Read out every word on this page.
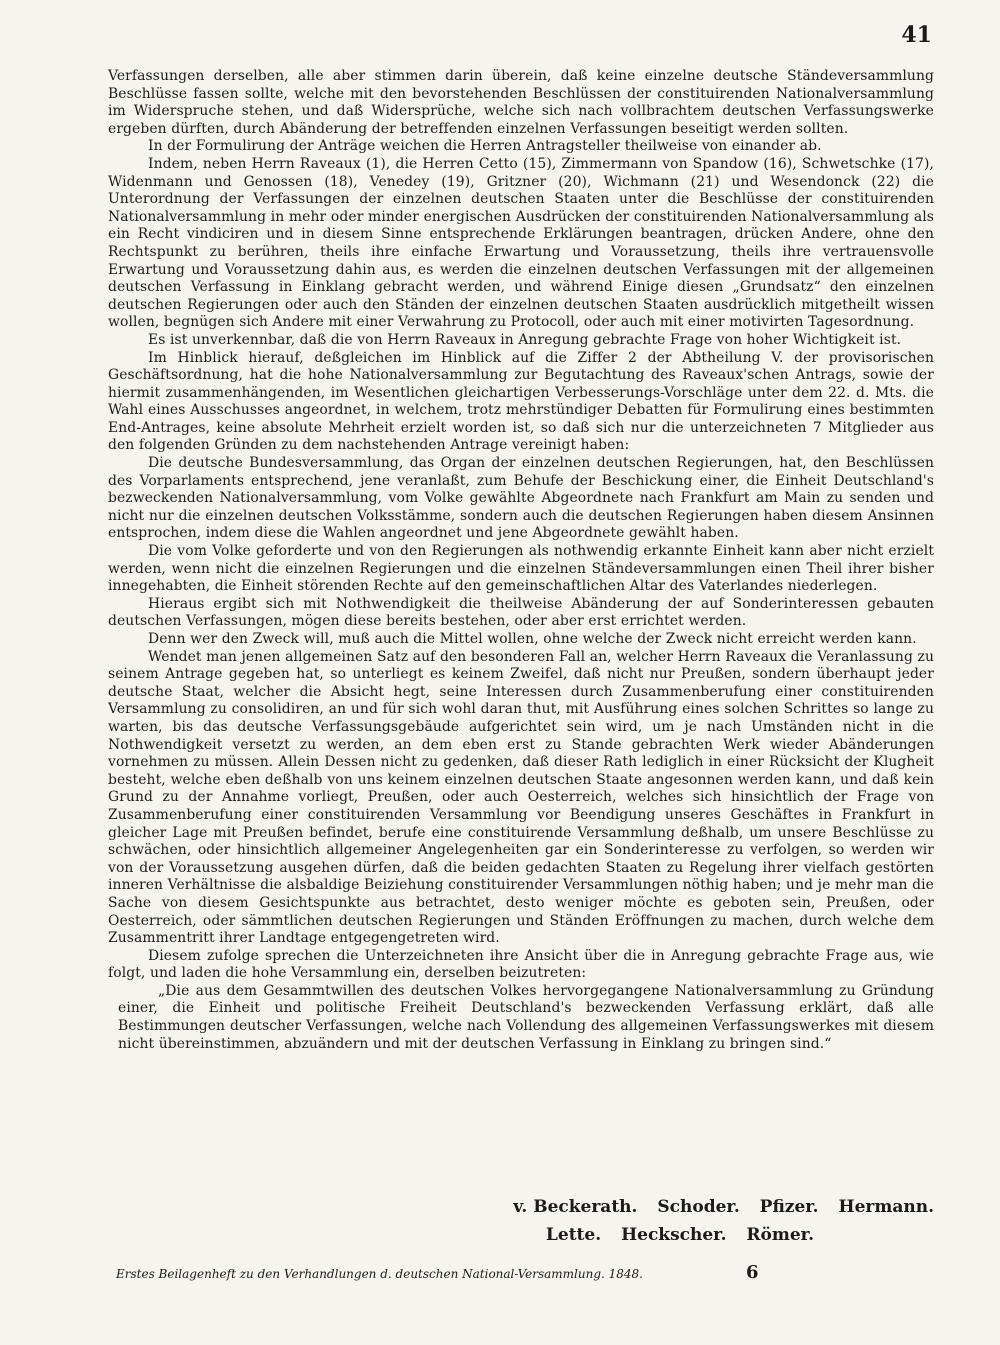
41

Verfassungen derselben, alle aber stimmen darin überein, daß keine einzelne deutsche Ständeversammlung Beschlüsse fassen sollte, welche mit den bevorstehenden Beschlüssen der constituirenden Nationalversammlung im Widerspruche stehen, und daß Widersprüche, welche sich nach vollbrachtem deutschen Verfassungswerke ergeben dürften, durch Abänderung der betreffenden einzelnen Verfassungen beseitigt werden sollten.

In der Formulirung der Anträge weichen die Herren Antragsteller theilweise von einander ab.

Indem, neben Herrn Raveaux (1), die Herren Cetto (15), Zimmermann von Spandow (16), Schwetschke (17), Widenmann und Genossen (18), Venedey (19), Gritzner (20), Wichmann (21) und Wesendonck (22) die Unterordnung der Verfassungen der einzelnen deutschen Staaten unter die Beschlüsse der constituirenden Nationalversammlung in mehr oder minder energischen Ausdrücken der constituirenden Nationalversammlung als ein Recht vindiciren und in diesem Sinne entsprechende Erklärungen beantragen, drücken Andere, ohne den Rechtspunkt zu berühren, theils ihre einfache Erwartung und Voraussetzung, theils ihre vertrauensvolle Erwartung und Voraussetzung dahin aus, es werden die einzelnen deutschen Verfassungen mit der allgemeinen deutschen Verfassung in Einklang gebracht werden, und während Einige diesen „Grundsatz“ den einzelnen deutschen Regierungen oder auch den Ständen der einzelnen deutschen Staaten ausdrücklich mitgetheilt wissen wollen, begnügen sich Andere mit einer Verwahrung zu Protocoll, oder auch mit einer motivirten Tagesordnung.

Es ist unverkennbar, daß die von Herrn Raveaux in Anregung gebrachte Frage von hoher Wichtigkeit ist.

Im Hinblick hierauf, deßgleichen im Hinblick auf die Ziffer 2 der Abtheilung V. der provisorischen Geschäftsordnung, hat die hohe Nationalversammlung zur Begutachtung des Raveaux'schen Antrags, sowie der hiermit zusammenhängenden, im Wesentlichen gleichartigen Verbesserungs-Vorschläge unter dem 22. d. Mts. die Wahl eines Ausschusses angeordnet, in welchem, trotz mehrstündiger Debatten für Formulirung eines bestimmten End-Antrages, keine absolute Mehrheit erzielt worden ist, so daß sich nur die unterzeichneten 7 Mitglieder aus den folgenden Gründen zu dem nachstehenden Antrage vereinigt haben:

Die deutsche Bundesversammlung, das Organ der einzelnen deutschen Regierungen, hat, den Beschlüssen des Vorparlaments entsprechend, jene veranlaßt, zum Behufe der Beschickung einer, die Einheit Deutschland's bezweckenden Nationalversammlung, vom Volke gewählte Abgeordnete nach Frankfurt am Main zu senden und nicht nur die einzelnen deutschen Volksstämme, sondern auch die deutschen Regierungen haben diesem Ansinnen entsprochen, indem diese die Wahlen angeordnet und jene Abgeordnete gewählt haben.

Die vom Volke geforderte und von den Regierungen als nothwendig erkannte Einheit kann aber nicht erzielt werden, wenn nicht die einzelnen Regierungen und die einzelnen Ständeversammlungen einen Theil ihrer bisher innegehabten, die Einheit störenden Rechte auf den gemeinschaftlichen Altar des Vaterlandes niederlegen.

Hieraus ergibt sich mit Nothwendigkeit die theilweise Abänderung der auf Sonderinteressen gebauten deutschen Verfassungen, mögen diese bereits bestehen, oder aber erst errichtet werden.

Denn wer den Zweck will, muß auch die Mittel wollen, ohne welche der Zweck nicht erreicht werden kann.

Wendet man jenen allgemeinen Satz auf den besonderen Fall an, welcher Herrn Raveaux die Veranlassung zu seinem Antrage gegeben hat, so unterliegt es keinem Zweifel, daß nicht nur Preußen, sondern überhaupt jeder deutsche Staat, welcher die Absicht hegt, seine Interessen durch Zusammenberufung einer constituirenden Versammlung zu consolidiren, an und für sich wohl daran thut, mit Ausführung eines solchen Schrittes so lange zu warten, bis das deutsche Verfassungsgebäude aufgerichtet sein wird, um je nach Umständen nicht in die Nothwendigkeit versetzt zu werden, an dem eben erst zu Stande gebrachten Werk wieder Abänderungen vornehmen zu müssen. Allein Dessen nicht zu gedenken, daß dieser Rath lediglich in einer Rücksicht der Klugheit besteht, welche eben deßhalb von uns keinem einzelnen deutschen Staate angesonnen werden kann, und daß kein Grund zu der Annahme vorliegt, Preußen, oder auch Oesterreich, welches sich hinsichtlich der Frage von Zusammenberufung einer constituirenden Versammlung vor Beendigung unseres Geschäftes in Frankfurt in gleicher Lage mit Preußen befindet, berufe eine constituirende Versammlung deßhalb, um unsere Beschlüsse zu schwächen, oder hinsichtlich allgemeiner Angelegenheiten gar ein Sonderinteresse zu verfolgen, so werden wir von der Voraussetzung ausgehen dürfen, daß die beiden gedachten Staaten zu Regelung ihrer vielfach gestörten inneren Verhältnisse die alsbaldige Beiziehung constituirender Versammlungen nöthig haben; und je mehr man die Sache von diesem Gesichtspunkte aus betrachtet, desto weniger möchte es geboten sein, Preußen, oder Oesterreich, oder sämmtlichen deutschen Regierungen und Ständen Eröffnungen zu machen, durch welche dem Zusammentritt ihrer Landtage entgegengetreten wird.

Diesem zufolge sprechen die Unterzeichneten ihre Ansicht über die in Anregung gebrachte Frage aus, wie folgt, und laden die hohe Versammlung ein, derselben beizutreten:

„Die aus dem Gesammtwillen des deutschen Volkes hervorgegangene Nationalversammlung zu Gründung einer, die Einheit und politische Freiheit Deutschland's bezweckenden Verfassung erklärt, daß alle Bestimmungen deutscher Verfassungen, welche nach Vollendung des allgemeinen Verfassungswerkes mit diesem nicht übereinstimmen, abzuändern und mit der deutschen Verfassung in Einklang zu bringen sind.“

v. Beckerath. Schoder. Pfizer. Hermann.
Lette. Heckscher. Römer.
Erstes Beilagenheft zu den Verhandlungen d. deutschen National-Versammlung. 1848.	6
